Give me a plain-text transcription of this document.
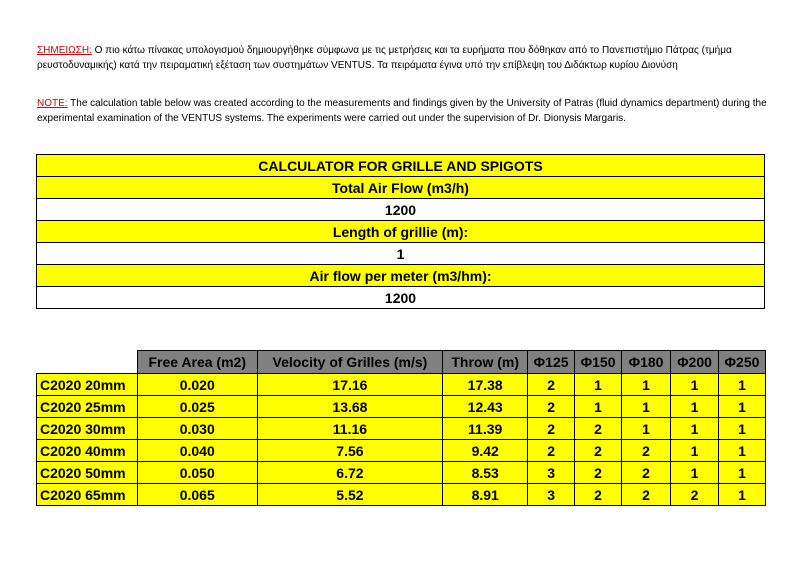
ΣΗΜΕΙΩΣΗ: Ο πιο κάτω πίνακας υπολογισμού δημιουργήθηκε σύμφωνα με τις μετρήσεις και τα ευρήματα που δόθηκαν από το Πανεπιστήμιο Πάτρας (τμήμα ρευστοδυναμικής) κατά την πειραματική εξέταση των συστημάτων VENTUS. Τα πειράματα έγινα υπό την επίβλεψη του Διδάκτωρ κυρίου Διονύση
NOTE: The calculation table below was created according to the measurements and findings given by the University of Patras (fluid dynamics department) during the experimental examination of the VENTUS systems. The experiments were carried out under the supervision of Dr. Dionysis Margaris.
CALCULATOR FOR GRILLE AND SPIGOTS
Total Air Flow (m3/h)
1200
Length of grillie (m):
1
Air flow per meter (m3/hm):
1200
	Free Area (m2)	Velocity of Grilles (m/s)	Throw (m)	Φ125	Φ150	Φ180	Φ200	Φ250
C2020 20mm	0.020	17.16	17.38	2	1	1	1	1
C2020 25mm	0.025	13.68	12.43	2	1	1	1	1
C2020 30mm	0.030	11.16	11.39	2	2	1	1	1
C2020 40mm	0.040	7.56	9.42	2	2	2	1	1
C2020 50mm	0.050	6.72	8.53	3	2	2	1	1
C2020 65mm	0.065	5.52	8.91	3	2	2	2	1
